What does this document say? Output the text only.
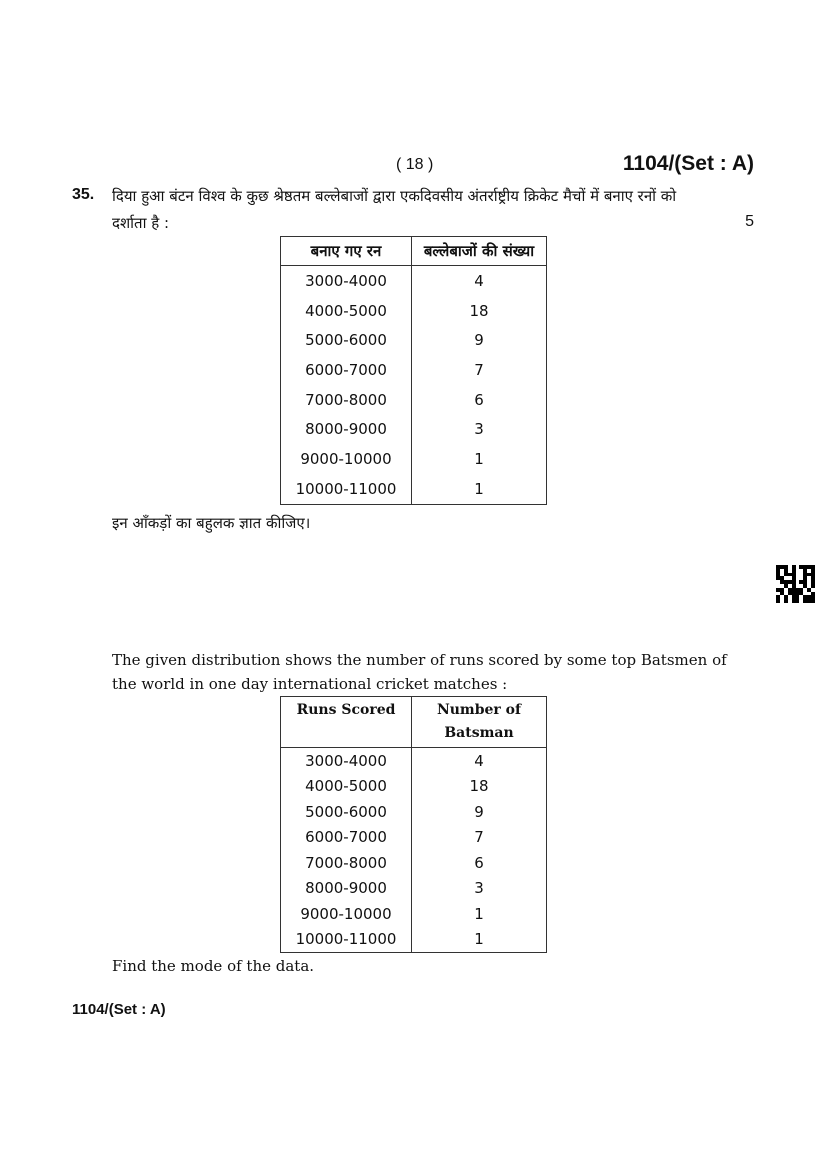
( 18 )	1104/(Set : A)
35. दिया हुआ बंटन विश्व के कुछ श्रेष्ठतम बल्लेबाजों द्वारा एकदिवसीय अंतर्राष्ट्रीय क्रिकेट मैचों में बनाए रनों को
दर्शाता है :	5
बनाए गए रन	बल्लेबाजों की संख्या
3000-4000	4
4000-5000	18
5000-6000	9
6000-7000	7
7000-8000	6
8000-9000	3
9000-10000	1
10000-11000	1
इन आँकड़ों का बहुलक ज्ञात कीजिए।
The given distribution shows the number of runs scored by some top Batsmen of
the world in one day international cricket matches :
Runs Scored	Number of Batsman
3000-4000	4
4000-5000	18
5000-6000	9
6000-7000	7
7000-8000	6
8000-9000	3
9000-10000	1
10000-11000	1
Find the mode of the data.
1104/(Set : A)
